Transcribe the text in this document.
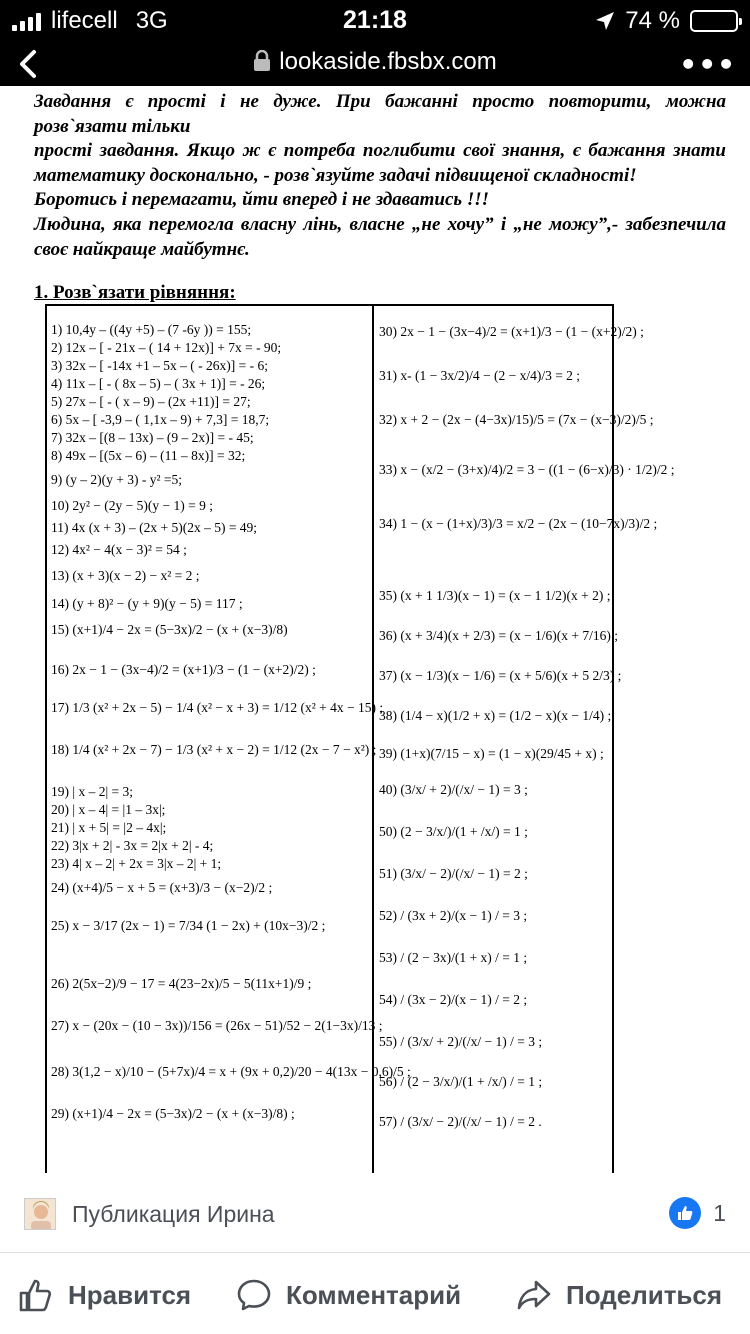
lifecell 3G	21:18	74 %
lookaside.fbsbx.com	•••

Завдання є прості і не дуже. При бажанні просто повторити, можна розв`язати тільки

прості завдання. Якщо ж є потреба поглибити свої знання, є бажання знати математику досконально, - розв`язуйте задачі підвищеної складності!

Боротись і перемагати, йти вперед і не здаватись !!!

Людина, яка перемогла власну лінь, власне „не хочу” і „не можу”,- забезпечила своє найкраще майбутнє.

1. Розв`язати рівняння:
1) 10,4y – ((4y +5) – (7 -6y )) = 155;
2) 12x – [ - 21x – ( 14 + 12x)] + 7x = - 90;
3) 32x – [ -14x +1 – 5x – ( - 26x)] = - 6;
4) 11x – [ - ( 8x – 5) – ( 3x + 1)] = - 26;
5) 27x – [ - ( x – 9) – (2x +11)] = 27;
6) 5x – [ -3,9 – ( 1,1x – 9) + 7,3] = 18,7;
7) 32x – [(8 – 13x) – (9 – 2x)] = - 45;
8) 49x – [(5x – 6) – (11 – 8x)] = 32;
9) (y – 2)(y + 3) - y² =5;
10) 2y² − (2y − 5)(y − 1) = 9 ;
11) 4x (x + 3) – (2x + 5)(2x – 5) = 49;
12) 4x² − 4(x − 3)² = 54 ;
13) (x + 3)(x − 2) − x² = 2 ;
14) (y + 8)² − (y + 9)(y − 5) = 117 ;
15) (x+1)/4 − 2x = (5−3x)/2 − (x + (x−3)/8)
16) 2x − 1 − (3x−4)/2 = (x+1)/3 − (1 − (x+2)/2) ;
17) 1/3 (x² + 2x − 5) − 1/4 (x² − x + 3) = 1/12 (x² + 4x − 15) ;
18) 1/4 (x² + 2x − 7) − 1/3 (x² + x − 2) = 1/12 (2x − 7 − x²) ;
19) | x – 2| = 3;
20) | x – 4| = |1 – 3x|;
21) | x + 5| = |2 – 4x|;
22) 3|x + 2| - 3x = 2|x + 2| - 4;
23) 4| x – 2| + 2x = 3|x – 2| + 1;
24) (x+4)/5 − x + 5 = (x+3)/3 − (x−2)/2 ;
25) x − 3/17 (2x − 1) = 7/34 (1 − 2x) + (10x−3)/2 ;
26) 2(5x−2)/9 − 17 = 4(23−2x)/5 − 5(11x+1)/9 ;
27) x − (20x − (10 − 3x))/156 = (26x − 51)/52 − 2(1−3x)/13 ;
28) 3(1,2 − x)/10 − (5+7x)/4 = x + (9x + 0,2)/20 − 4(13x − 0,6)/5 ;
29) (x+1)/4 − 2x = (5−3x)/2 − (x + (x−3)/8) ;
30) 2x − 1 − (3x−4)/2 = (x+1)/3 − (1 − (x+2)/2) ;
31) x- (1 − 3x/2)/4 − (2 − x/4)/3 = 2 ;
32) x + 2 − (2x − (4−3x)/15)/5 = (7x − (x−3)/2)/5 ;
33) x − (x/2 − (3+x)/4)/2 = 3 − ((1 − (6−x)/3) · 1/2)/2 ;
34) 1 − (x − (1+x)/3)/3 = x/2 − (2x − (10−7x)/3)/2 ;
35) (x + 1 1/3)(x − 1) = (x − 1 1/2)(x + 2) ;
36) (x + 3/4)(x + 2/3) = (x − 1/6)(x + 7/16) ;
37) (x − 1/3)(x − 1/6) = (x + 5/6)(x + 5 2/3) ;
38) (1/4 − x)(1/2 + x) = (1/2 − x)(x − 1/4) ;
39) (1+x)(7/15 − x) = (1 − x)(29/45 + x) ;
40) (3/x/ + 2)/(/x/ − 1) = 3 ;
50) (2 − 3/x/)/(1 + /x/) = 1 ;
51) (3/x/ − 2)/(/x/ − 1) = 2 ;
52) / (3x + 2)/(x − 1) / = 3 ;
53) / (2 − 3x)/(1 + x) / = 1 ;
54) / (3x − 2)/(x − 1) / = 2 ;
55) / (3/x/ + 2)/(/x/ − 1) / = 3 ;
56) / (2 − 3/x/)/(1 + /x/) / = 1 ;
57) / (3/x/ − 2)/(/x/ − 1) / = 2 .
Публикация Ирина	1
Нравится	Комментарий	Поделиться
